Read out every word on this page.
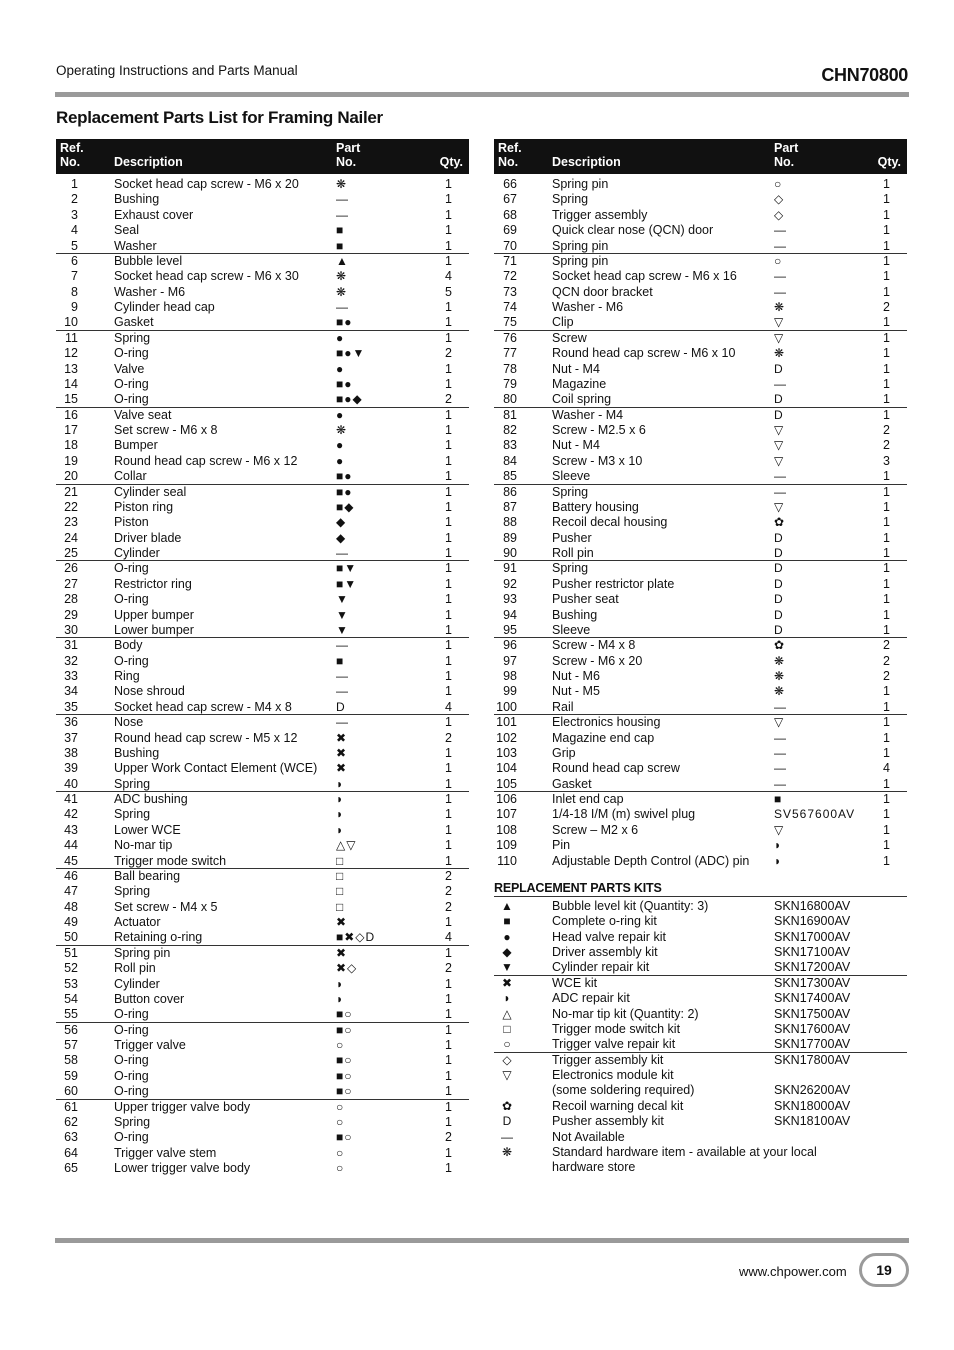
Operating Instructions and Parts Manual	CHN70800
Replacement Parts List for Framing Nailer
Ref.
No.	Description
Part
No.	Qty.
1	Socket head cap screw - M6 x 20	❋	1
2	Bushing	—	1
3	Exhaust cover	—	1
4	Seal	■	1
5	Washer	■	1
6	Bubble level	▲	1
7	Socket head cap screw - M6 x 30	❋	4
8	Washer - M6	❋	5
9	Cylinder head cap	—	1
10	Gasket	■●	1
11	Spring	●	1
12	O-ring	■●▼	2
13	Valve	●	1
14	O-ring	■●	1
15	O-ring	■●◆	2
16	Valve seat	●	1
17	Set screw - M6 x 8	❋	1
18	Bumper	●	1
19	Round head cap screw - M6 x 12	●	1
20	Collar	■●	1
21	Cylinder seal	■●	1
22	Piston ring	■◆	1
23	Piston	◆	1
24	Driver blade	◆	1
25	Cylinder	—	1
26	O-ring	■▼	1
27	Restrictor ring	■▼	1
28	O-ring	▼	1
29	Upper bumper	▼	1
30	Lower bumper	▼	1
31	Body	—	1
32	O-ring	■	1
33	Ring	—	1
34	Nose shroud	—	1
35	Socket head cap screw - M4 x 8	D	4
36	Nose	—	1
37	Round head cap screw - M5 x 12	✖	2
38	Bushing	✖	1
39	Upper Work Contact Element (WCE) ✖	1
40	Spring	◗	1
41	ADC bushing	◗	1
42	Spring	◗	1
43	Lower WCE	◗	1
44	No-mar tip	△▽	1
45	Trigger mode switch	□	1
46	Ball bearing	□	2
47	Spring	□	2
48	Set screw - M4 x 5	□	2
49	Actuator	✖	1
50	Retaining o-ring	■✖◇D	4
51	Spring pin	✖	1
52	Roll pin	✖◇	2
53	Cylinder	◗	1
54	Button cover	◗	1
55	O-ring	■○	1
56	O-ring	■○	1
57	Trigger valve	○	1
58	O-ring	■○	1
59	O-ring	■○	1
60	O-ring	■○	1
61	Upper trigger valve body	○	1
62	Spring	○	1
63	O-ring	■○	2
64	Trigger valve stem	○	1
65	Lower trigger valve body	○	1
Ref.
No.	Description
Part
No.	Qty.
66	Spring pin	○	1
67	Spring	◇	1
68	Trigger assembly	◇	1
69	Quick clear nose (QCN) door	—	1
70	Spring pin	—	1
71	Spring pin	○	1
72	Socket head cap screw - M6 x 16	—	1
73	QCN door bracket	—	1
74	Washer - M6	❋	2
75	Clip	▽	1
76	Screw	▽	1
77	Round head cap screw - M6 x 10	❋	1
78	Nut - M4	D	1
79	Magazine	—	1
80	Coil spring	D	1
81	Washer - M4	D	1
82	Screw - M2.5 x 6	▽	2
83	Nut - M4	▽	2
84	Screw - M3 x 10	▽	3
85	Sleeve	—	1
86	Spring	—	1
87	Battery housing	▽	1
88	Recoil decal housing	✿	1
89	Pusher	D	1
90	Roll pin	D	1
91	Spring	D	1
92	Pusher restrictor plate	D	1
93	Pusher seat	D	1
94	Bushing	D	1
95	Sleeve	D	1
96	Screw - M4 x 8	✿	2
97	Screw - M6 x 20	❋	2
98	Nut - M6	❋	2
99	Nut - M5	❋	1
100	Rail	—	1
101	Electronics housing	▽	1
102	Magazine end cap	—	1
103	Grip	—	1
104	Round head cap screw	—	4
105	Gasket	—	1
106	Inlet end cap	■	1
107	1/4-18 I/M (m) swivel plug	SV567600AV 1
108	Screw – M2 x 6	▽	1
109	Pin	◗	1
110	Adjustable Depth Control (ADC) pin ◗	1
REPLACEMENT PARTS KITS
▲	Bubble level kit (Quantity: 3)	SKN16800AV
■	Complete o-ring kit	SKN16900AV
●	Head valve repair kit	SKN17000AV
◆	Driver assembly kit	SKN17100AV
▼	Cylinder repair kit	SKN17200AV
✖	WCE kit	SKN17300AV
◗	ADC repair kit	SKN17400AV
△	No-mar tip kit (Quantity: 2)	SKN17500AV
□	Trigger mode switch kit	SKN17600AV
○	Trigger valve repair kit	SKN17700AV
◇	Trigger assembly kit	SKN17800AV
▽	Electronics module kit
(some soldering required)	SKN26200AV
✿	Recoil warning decal kit	SKN18000AV
D	Pusher assembly kit	SKN18100AV
—	Not Available
❋	Standard hardware item - available at your local
hardware store
www.chpower.com	19
